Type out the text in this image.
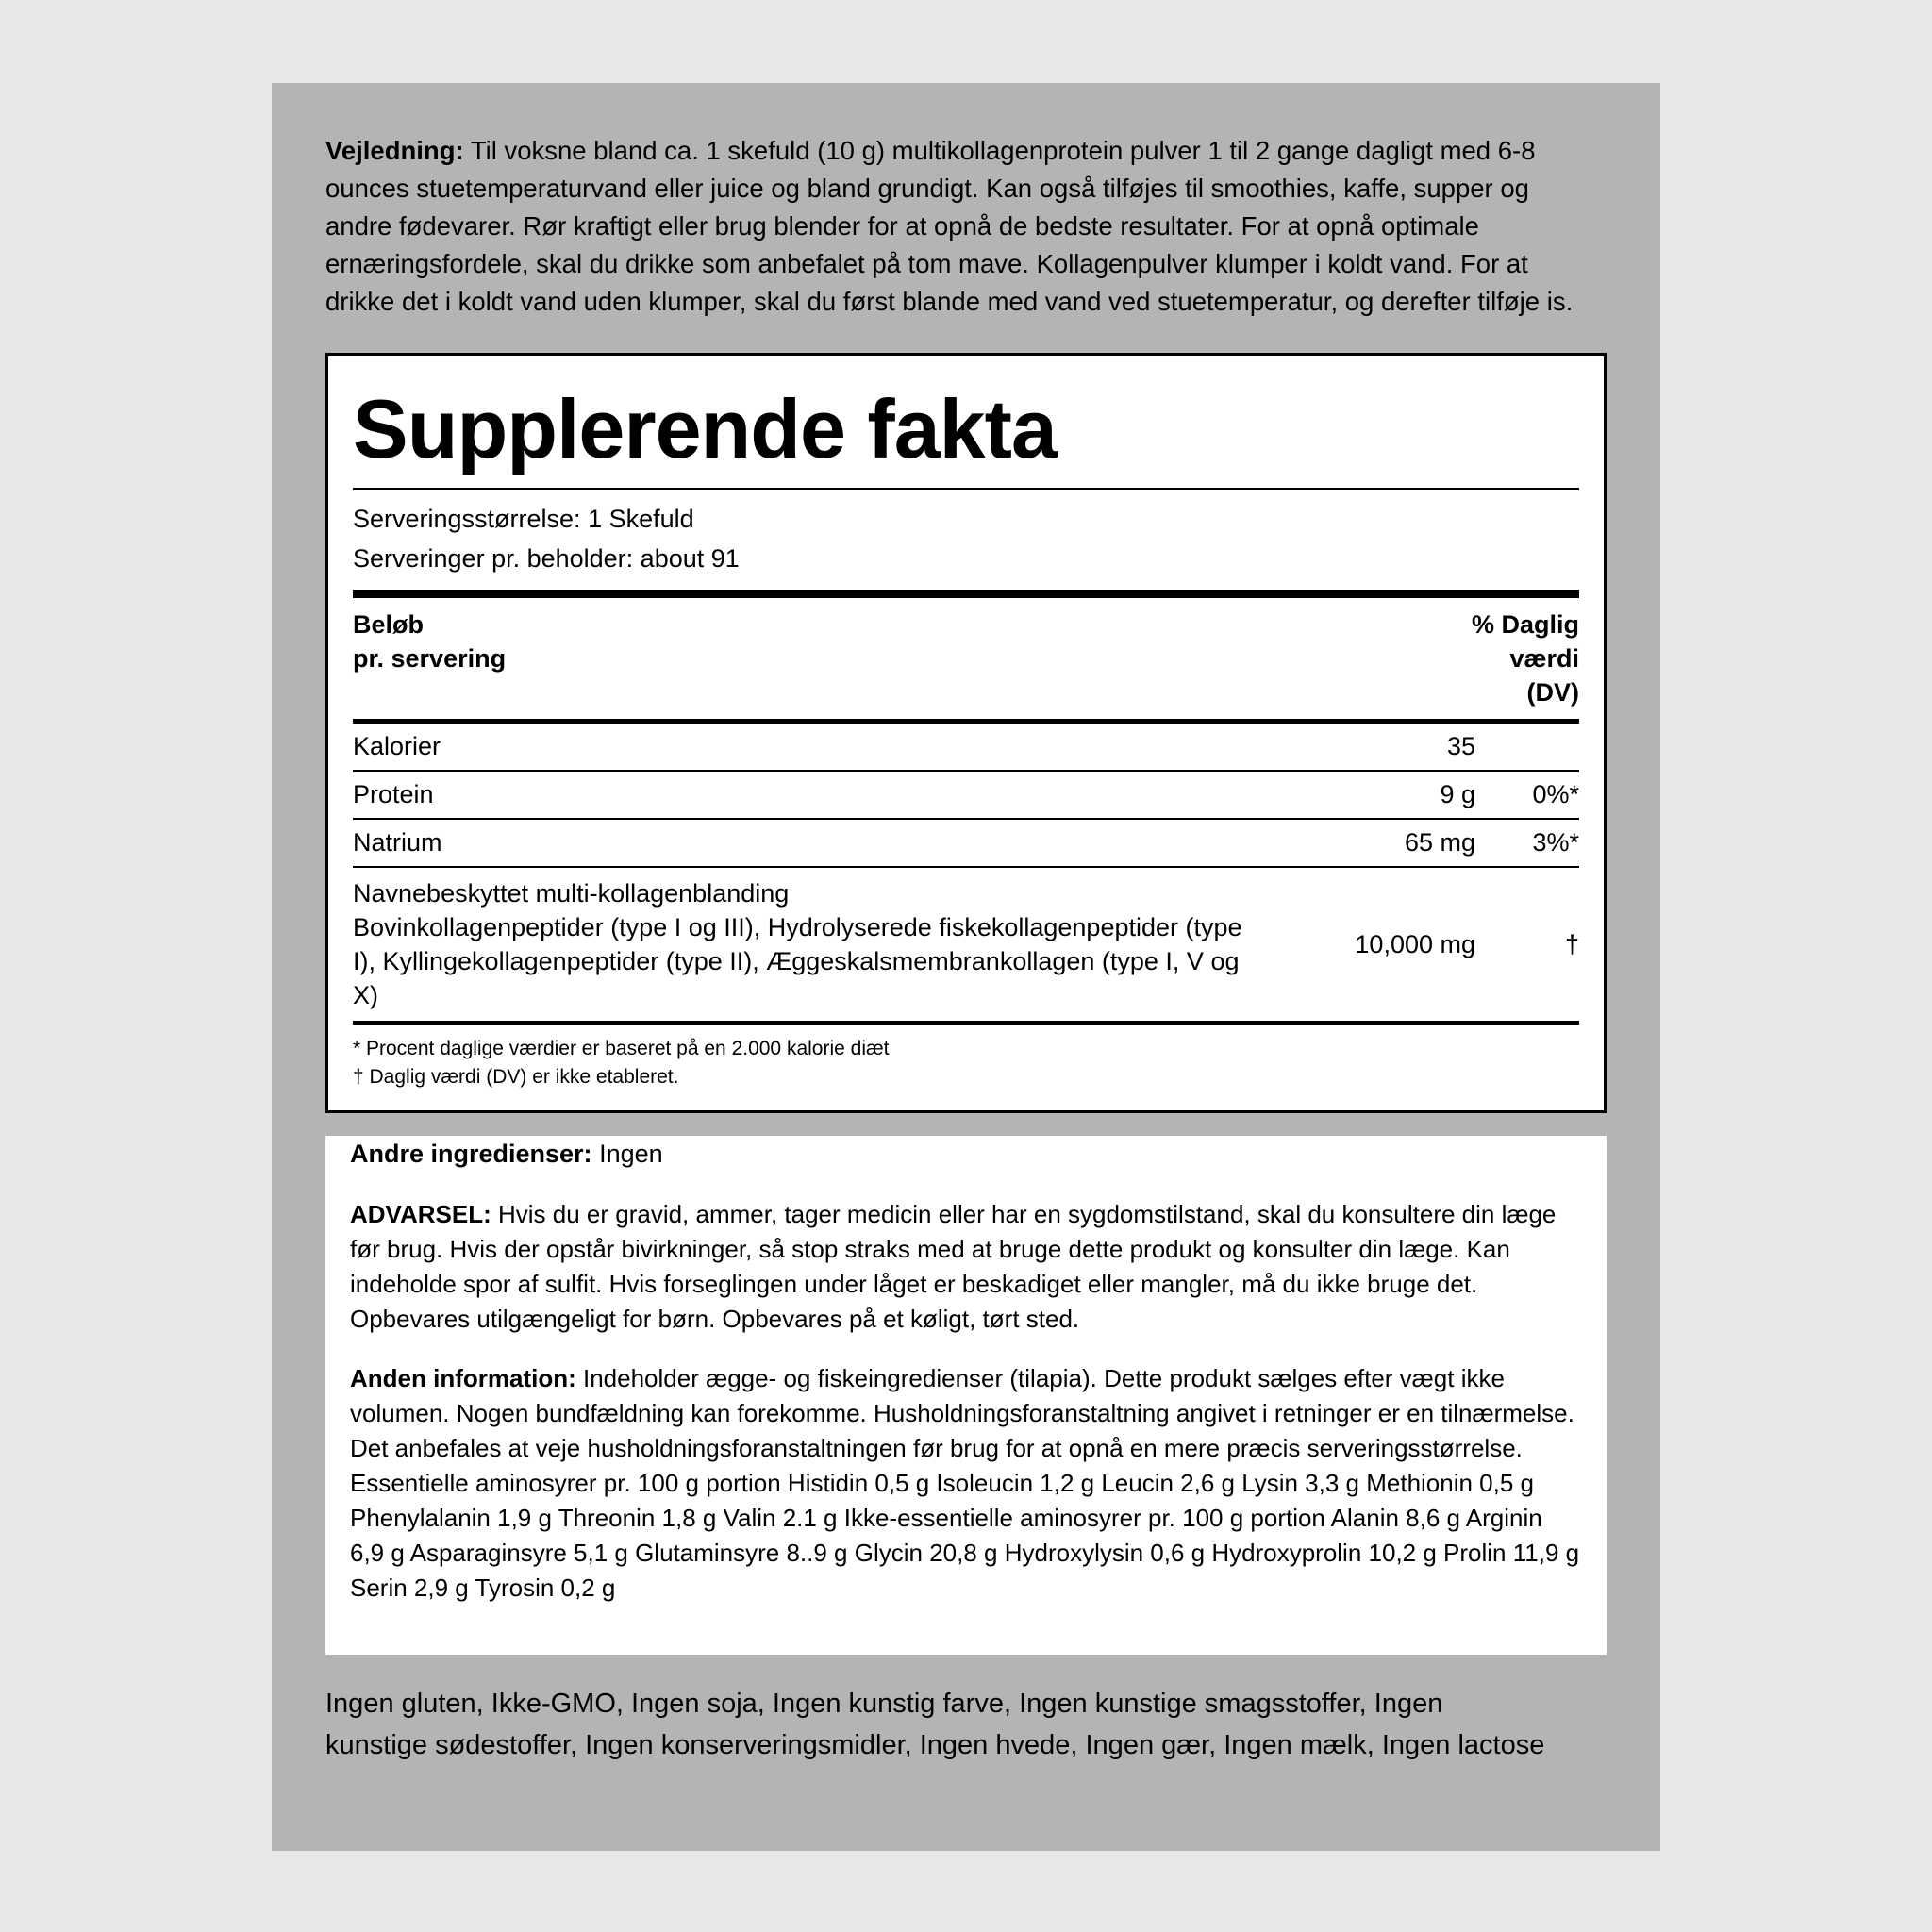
Vejledning: Til voksne bland ca. 1 skefuld (10 g) multikollagenprotein pulver 1 til 2 gange dagligt med 6-8 ounces stuetemperaturvand eller juice og bland grundigt. Kan også tilføjes til smoothies, kaffe, supper og andre fødevarer. Rør kraftigt eller brug blender for at opnå de bedste resultater. For at opnå optimale ernæringsfordele, skal du drikke som anbefalet på tom mave. Kollagenpulver klumper i koldt vand. For at drikke det i koldt vand uden klumper, skal du først blande med vand ved stuetemperatur, og derefter tilføje is.

Supplerende fakta
Serveringsstørrelse: 1 Skefuld
Serveringer pr. beholder: about 91
Beløb
pr. servering
% Daglig
værdi
(DV)
Kalorier	35	
Protein	9 g	0%*
Natrium	65 mg	3%*

Navnebeskyttet multi-kollagenblanding
Bovinkollagenpeptider (type I og III), Hydrolyserede fiskekollagenpeptider (type I), Kyllingekollagenpeptider (type II), Æggeskalsmembrankollagen (type I, V og X)	10,000 mg	†
* Procent daglige værdier er baseret på en 2.000 kalorie diæt
† Daglig værdi (DV) er ikke etableret.

Andre ingredienser: Ingen

ADVARSEL: Hvis du er gravid, ammer, tager medicin eller har en sygdomstilstand, skal du konsultere din læge før brug. Hvis der opstår bivirkninger, så stop straks med at bruge dette produkt og konsulter din læge. Kan indeholde spor af sulfit. Hvis forseglingen under låget er beskadiget eller mangler, må du ikke bruge det. Opbevares utilgængeligt for børn. Opbevares på et køligt, tørt sted.

Anden information: Indeholder ægge- og fiskeingredienser (tilapia). Dette produkt sælges efter vægt ikke volumen. Nogen bundfældning kan forekomme. Husholdningsforanstaltning angivet i retninger er en tilnærmelse. Det anbefales at veje husholdningsforanstaltningen før brug for at opnå en mere præcis serveringsstørrelse. Essentielle aminosyrer pr. 100 g portion Histidin 0,5 g Isoleucin 1,2 g Leucin 2,6 g Lysin 3,3 g Methionin 0,5 g Phenylalanin 1,9 g Threonin 1,8 g Valin 2.1 g Ikke-essentielle aminosyrer pr. 100 g portion Alanin 8,6 g Arginin 6,9 g Asparaginsyre 5,1 g Glutaminsyre 8..9 g Glycin 20,8 g Hydroxylysin 0,6 g Hydroxyprolin 10,2 g Prolin 11,9 g Serin 2,9 g Tyrosin 0,2 g

Ingen gluten, Ikke-GMO, Ingen soja, Ingen kunstig farve, Ingen kunstige smagsstoffer, Ingen kunstige sødestoffer, Ingen konserveringsmidler, Ingen hvede, Ingen gær, Ingen mælk, Ingen lactose
